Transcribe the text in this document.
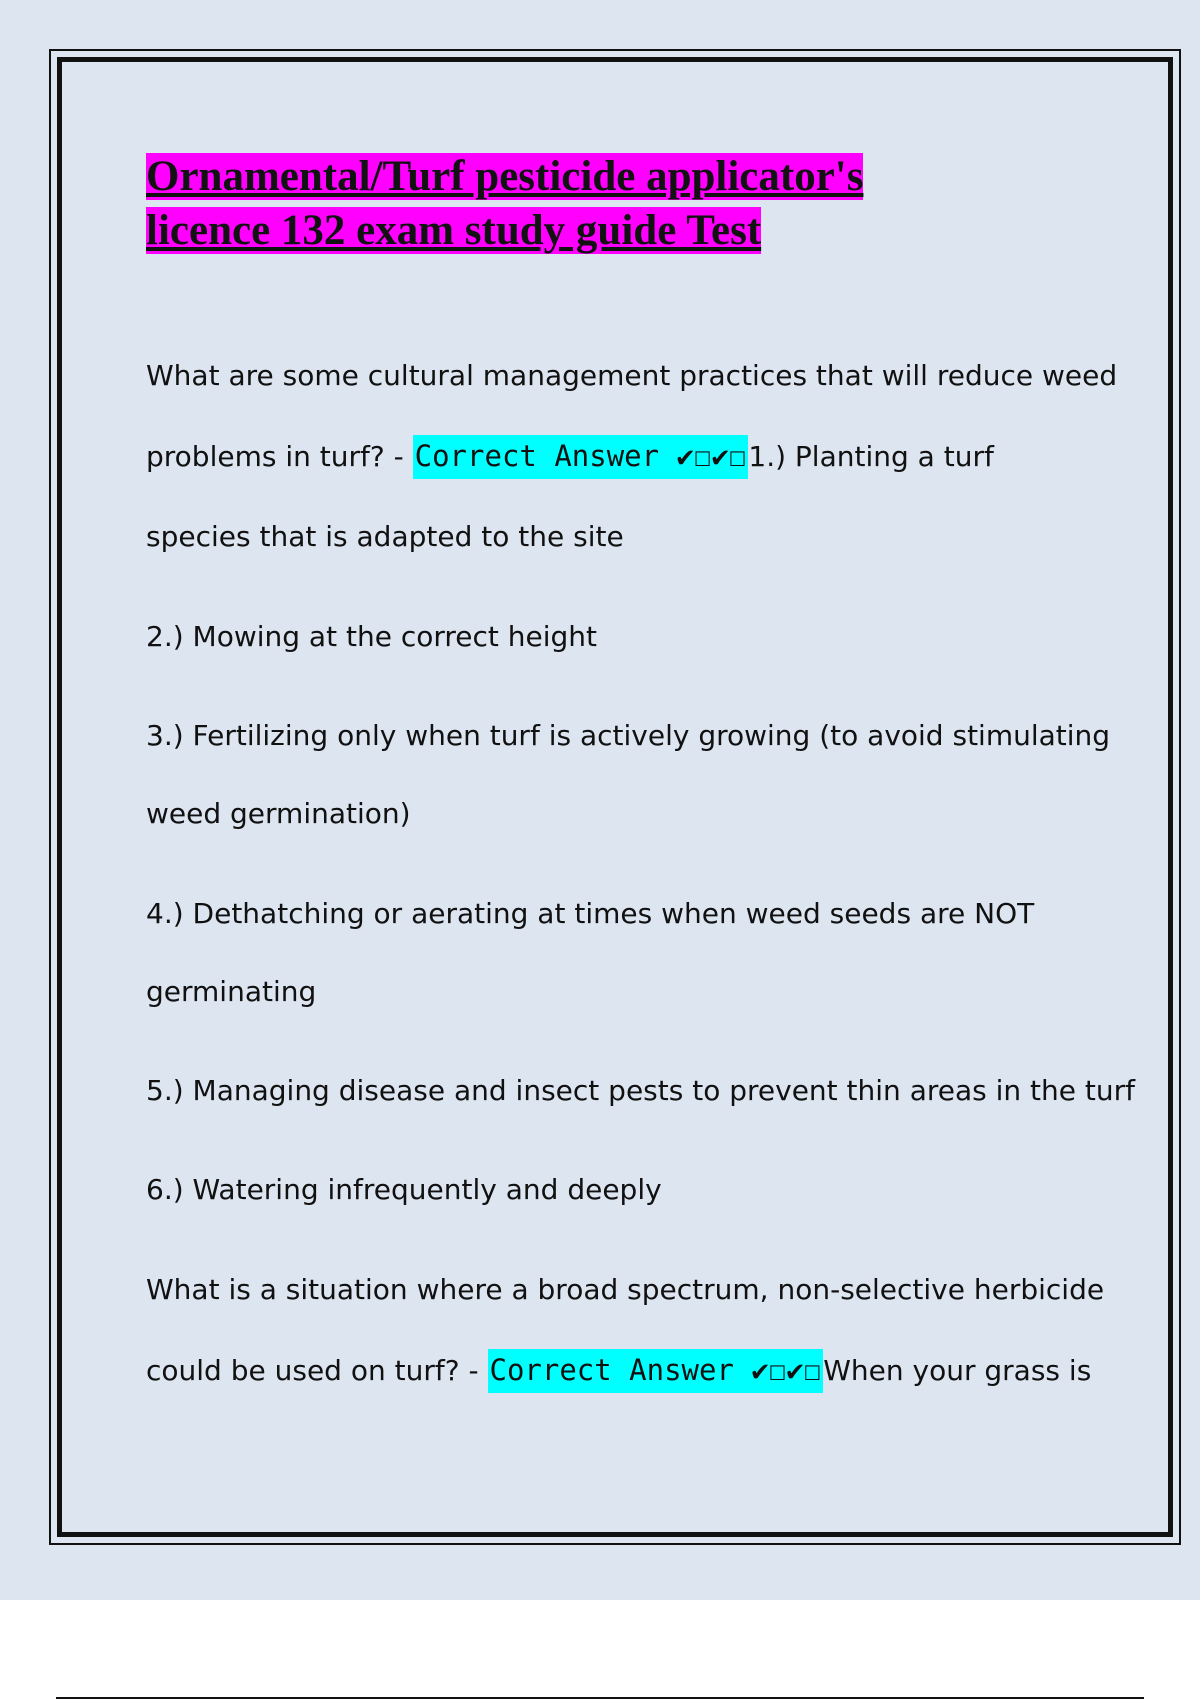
Ornamental/Turf pesticide applicator's
licence 132 exam study guide Test

What are some cultural management practices that will reduce weed
problems in turf? - Correct Answer ✔☐✔☐1.) Planting a turf
species that is adapted to the site

2.) Mowing at the correct height

3.) Fertilizing only when turf is actively growing (to avoid stimulating

weed germination)

4.) Dethatching or aerating at times when weed seeds are NOT

germinating

5.) Managing disease and insect pests to prevent thin areas in the turf

6.) Watering infrequently and deeply

What is a situation where a broad spectrum, non-selective herbicide
could be used on turf? - Correct Answer ✔☐✔☐When your grass is
